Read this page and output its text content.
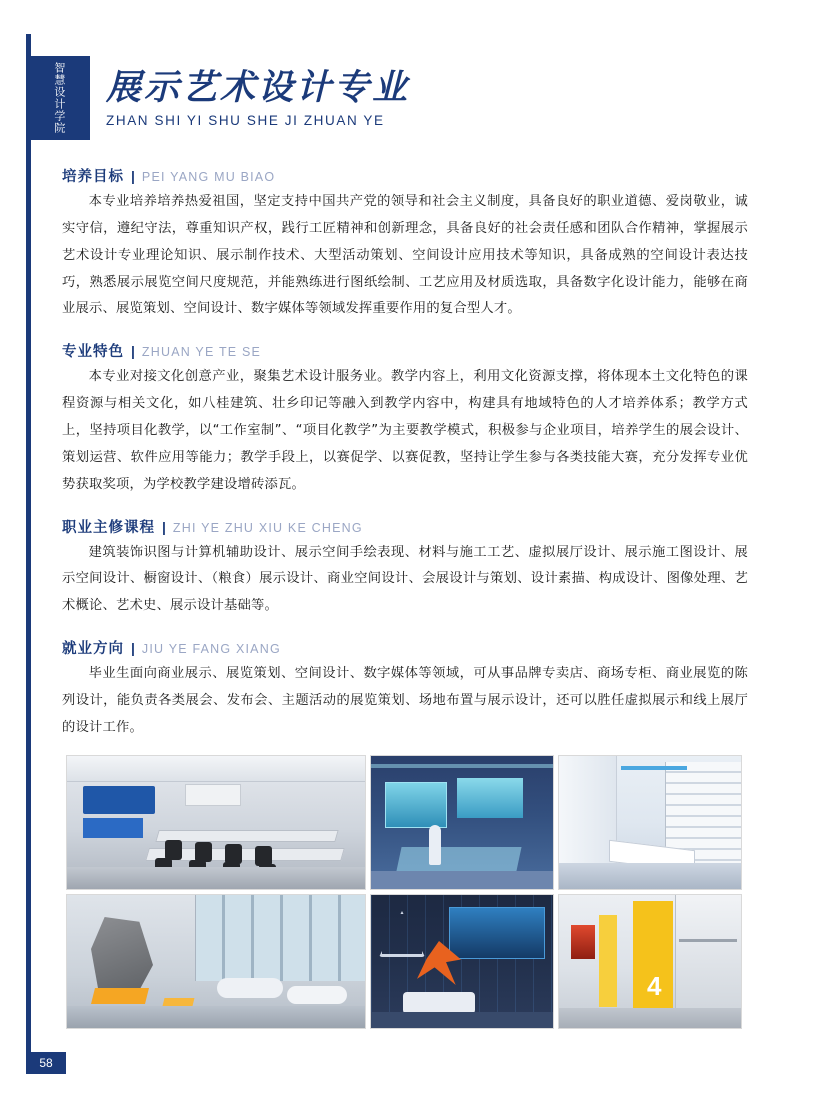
智慧设计学院 展示艺术设计专业
ZHAN SHI YI SHU SHE JI ZHUAN YE
培养目标 | PEI YANG MU BIAO
本专业培养培养热爱祖国，坚定支持中国共产党的领导和社会主义制度，具备良好的职业道德、爱岗敬业，诚实守信，遵纪守法，尊重知识产权，践行工匠精神和创新理念，具备良好的社会责任感和团队合作精神，掌握展示艺术设计专业理论知识、展示制作技术、大型活动策划、空间设计应用技术等知识，具备成熟的空间设计表达技巧，熟悉展示展览空间尺度规范，并能熟练进行图纸绘制、工艺应用及材质选取，具备数字化设计能力，能够在商业展示、展览策划、空间设计、数字媒体等领域发挥重要作用的复合型人才。
专业特色 | ZHUAN YE TE SE
本专业对接文化创意产业，聚集艺术设计服务业。教学内容上，利用文化资源支撑，将体现本土文化特色的课程资源与相关文化，如八桂建筑、壮乡印记等融入到教学内容中，构建具有地域特色的人才培养体系；教学方式上，坚持项目化教学，以“工作室制”、“项目化教学”为主要教学模式，积极参与企业项目，培养学生的展会设计、策划运营、软件应用等能力；教学手段上，以赛促学、以赛促教，坚持让学生参与各类技能大赛，充分发挥专业优势获取奖项，为学校教学建设增砖添瓦。
职业主修课程 | ZHI YE ZHU XIU KE CHENG
建筑装饰识图与计算机辅助设计、展示空间手绘表现、材料与施工工艺、虚拟展厅设计、展示施工图设计、展示空间设计、橱窗设计、（粮食）展示设计、商业空间设计、会展设计与策划、设计素描、构成设计、图像处理、艺术概论、艺术史、展示设计基础等。
就业方向 | JIU YE FANG XIANG
毕业生面向商业展示、展览策划、空间设计、数字媒体等领域，可从事品牌专卖店、商场专柜、商业展览的陈列设计，能负责各类展会、发布会、主题活动的展览策划、场地布置与展示设计，还可以胜任虚拟展示和线上展厅的设计工作。
4
58
